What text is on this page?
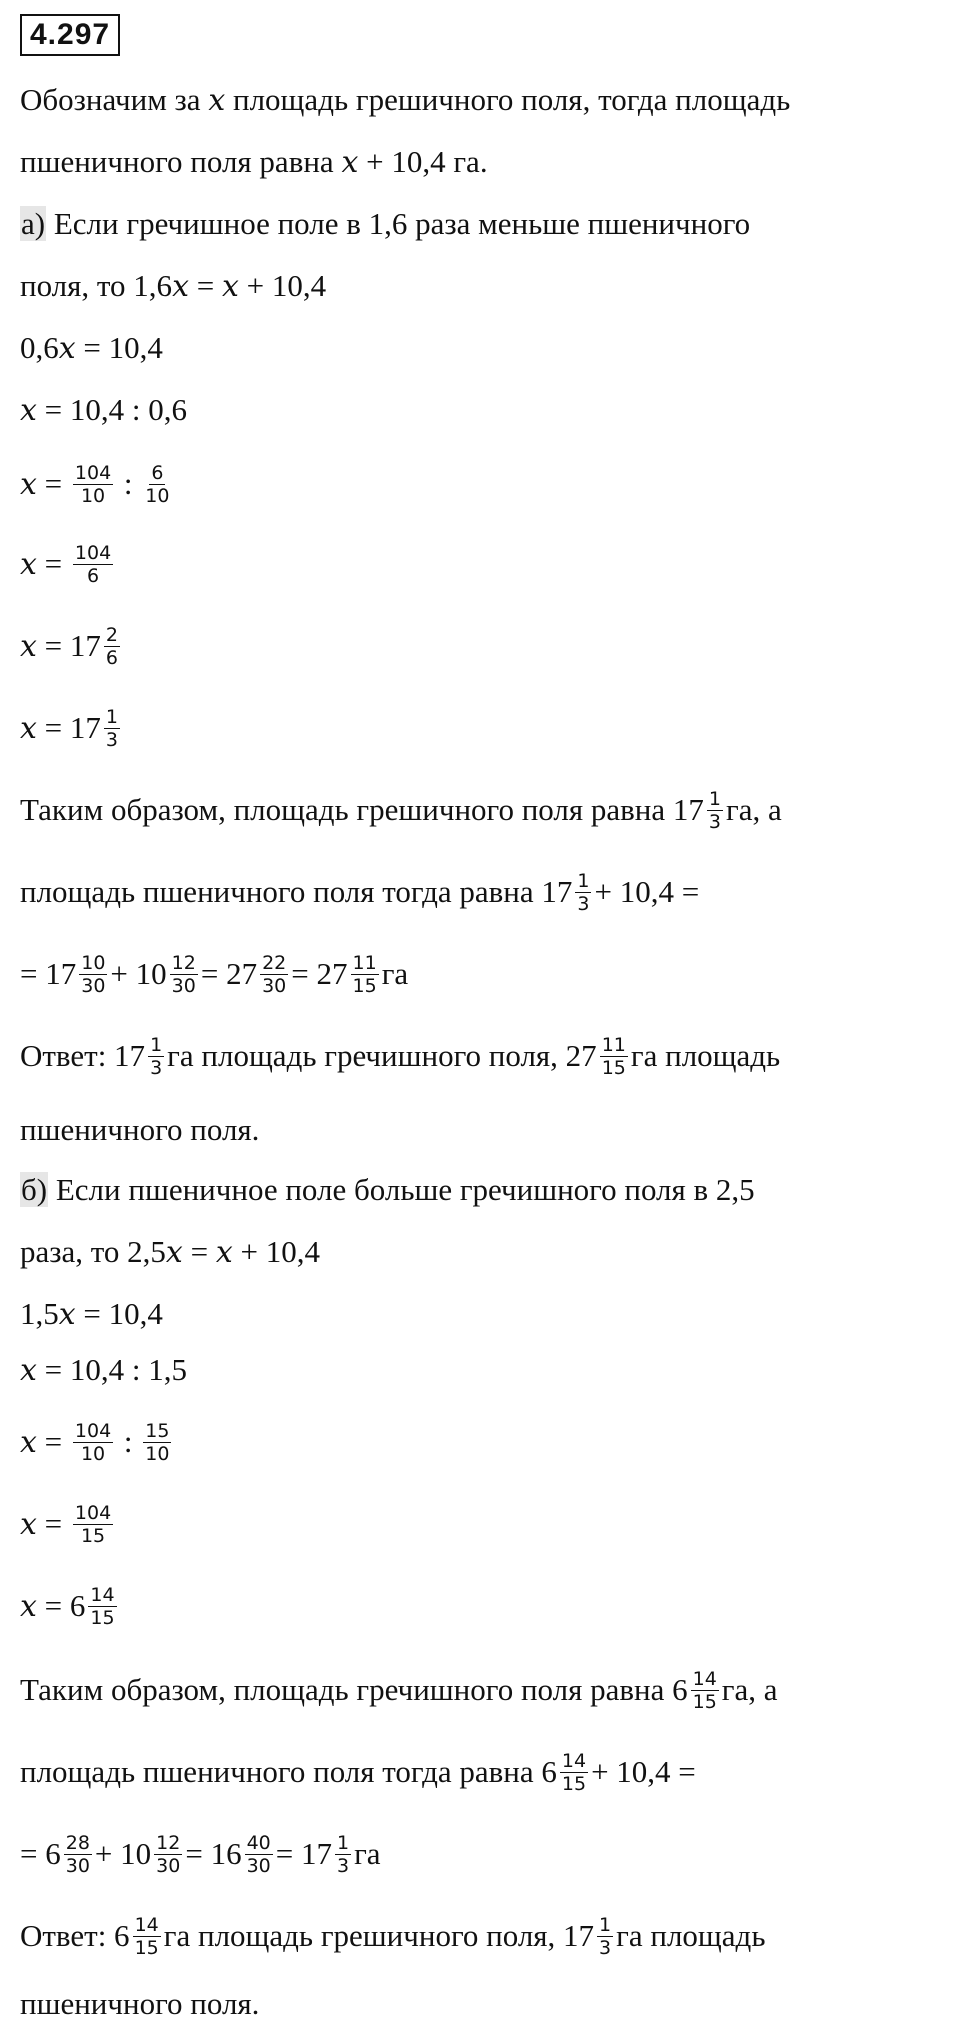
4.297
Обозначим за x площадь грешичного поля, тогда площадь
пшеничного поля равна x + 10,4 га.
а) Если гречишное поле в 1,6 раза меньше пшеничного
поля, то 1,6x = x + 10,4
0,6x = 10,4
x = 10,4 : 0,6
$x = \frac{104}{10}$ : $\frac{6}{10}$
$x = \frac{104}{6}$
$x = 17 \frac{2}{6}$
$x = 17 \frac{1}{3}$
Таким образом, площадь грешичного поля равна $17 \frac{1}{3}$ га, а
площадь пшеничного поля тогда равна $17 \frac{1}{3} + 10,4$ =
= $17 \frac{10}{30} + 10 \frac{12}{30} = 27 \frac{22}{30} = 27 \frac{11}{15}$ га
Ответ: $17 \frac{1}{3}$ га площадь гречишного поля, $27 \frac{11}{15}$ га площадь
пшеничного поля.
б) Если пшеничное поле больше гречишного поля в 2,5
раза, то 2,5x = x + 10,4
1,5x = 10,4
x = 10,4 : 1,5
$x = \frac{104}{10}$ : $\frac{15}{10}$
$x = \frac{104}{15}$
$x = 6 \frac{14}{15}$
Таким образом, площадь гречишного поля равна $6 \frac{14}{15}$ га, а
площадь пшеничного поля тогда равна $6 \frac{14}{15} + 10,4$ =
= $6 \frac{28}{30} + 10 \frac{12}{30} = 16 \frac{40}{30} = 17 \frac{1}{3}$ га
Ответ: $6 \frac{14}{15}$ га площадь грешичного поля, $17 \frac{1}{3}$ га площадь
пшеничного поля.
